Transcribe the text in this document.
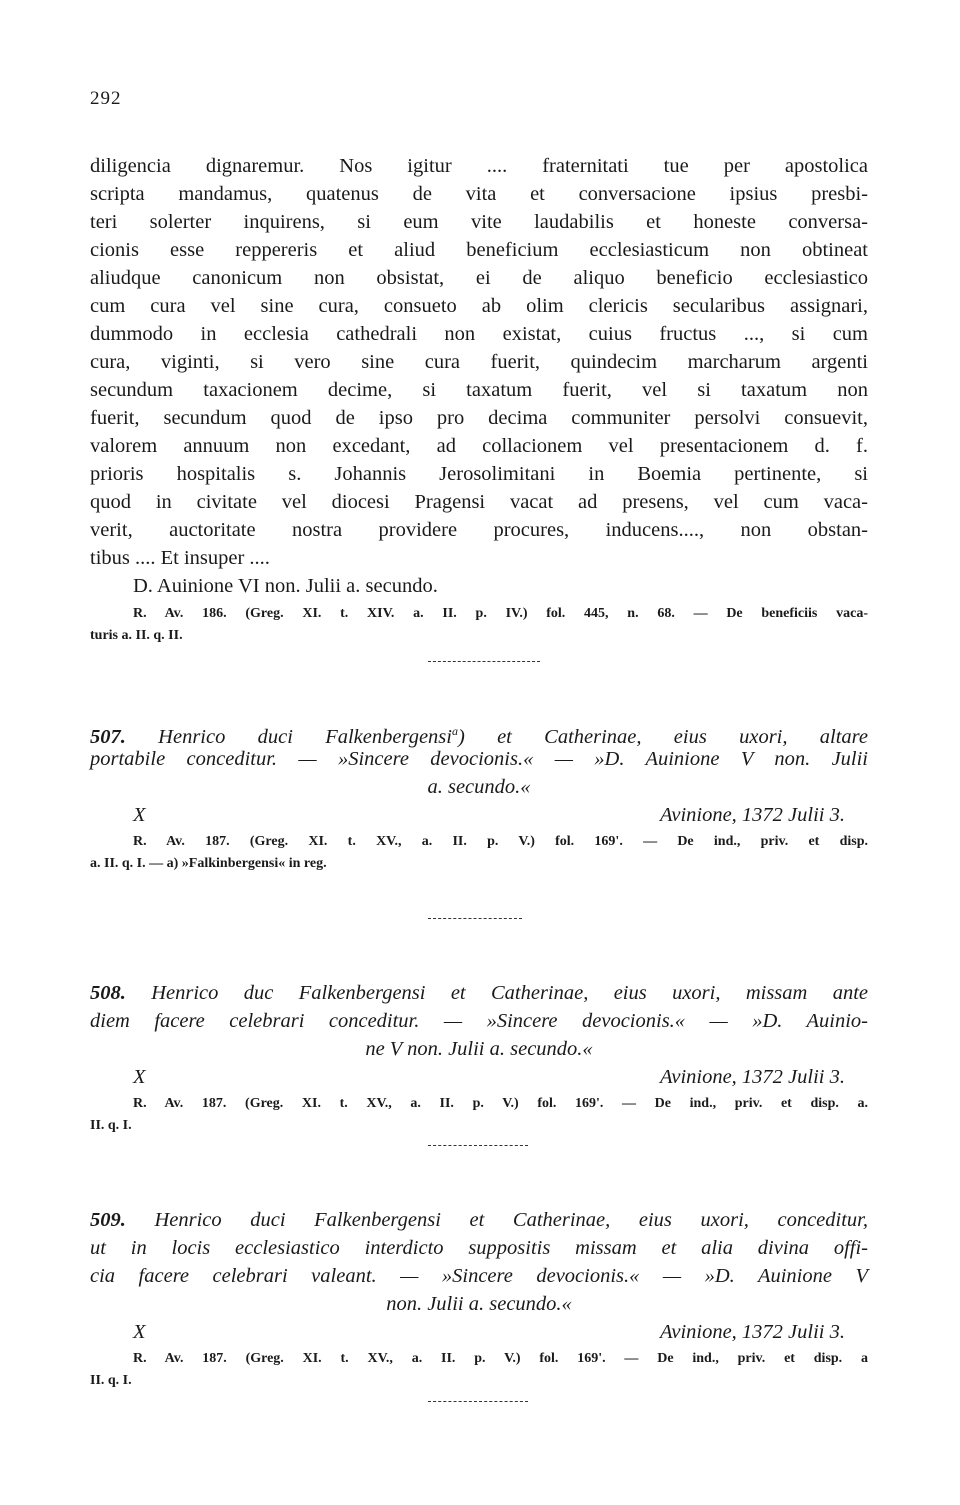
292
diligencia dignaremur. Nos igitur .... fraternitati tue per apostolica
scripta mandamus, quatenus de vita et conversacione ipsius presbi-
teri solerter inquirens, si eum vite laudabilis et honeste conversa-
cionis esse reppereris et aliud beneficium ecclesiasticum non obtineat
aliudque canonicum non obsistat, ei de aliquo beneficio ecclesiastico
cum cura vel sine cura, consueto ab olim clericis secularibus assignari,
dummodo in ecclesia cathedrali non existat, cuius fructus ..., si cum
cura, viginti, si vero sine cura fuerit, quindecim marcharum argenti
secundum taxacionem decime, si taxatum fuerit, vel si taxatum non
fuerit, secundum quod de ipso pro decima communiter persolvi consuevit,
valorem annuum non excedant, ad collacionem vel presentacionem d. f.
prioris hospitalis s. Johannis Jerosolimitani in Boemia pertinente, si
quod in civitate vel diocesi Pragensi vacat ad presens, vel cum vaca-
verit, auctoritate nostra providere procures, inducens...., non obstan-
tibus .... Et insuper ....
D. Auinione VI non. Julii a. secundo.
R. Av. 186. (Greg. XI. t. XIV. a. II. p. IV.) fol. 445, n. 68. — De beneficiis vaca-
turis a. II. q. II.
507. Henrico duci Falkenbergensi$^a$) et Catherinae, eius uxori, altare
portabile conceditur. — »Sincere devocionis.« — »D. Auinione V non. Julii
a. secundo.«
X	Avinione, 1372 Julii 3.
R. Av. 187. (Greg. XI. t. XV., a. II. p. V.) fol. 169'. — De ind., priv. et disp.
a. II. q. I. — a) »Falkinbergensi« in reg.
508. Henrico duc Falkenbergensi et Catherinae, eius uxori, missam ante
diem facere celebrari conceditur. — »Sincere devocionis.« — »D. Auinio-
ne V non. Julii a. secundo.«
X	Avinione, 1372 Julii 3.
R. Av. 187. (Greg. XI. t. XV., a. II. p. V.) fol. 169'. — De ind., priv. et disp. a.
II. q. I.
509. Henrico duci Falkenbergensi et Catherinae, eius uxori, conceditur,
ut in locis ecclesiastico interdicto suppositis missam et alia divina offi-
cia facere celebrari valeant. — »Sincere devocionis.« — »D. Auinione V
non. Julii a. secundo.«
X	Avinione, 1372 Julii 3.
R. Av. 187. (Greg. XI. t. XV., a. II. p. V.) fol. 169'. — De ind., priv. et disp. a
II. q. I.
